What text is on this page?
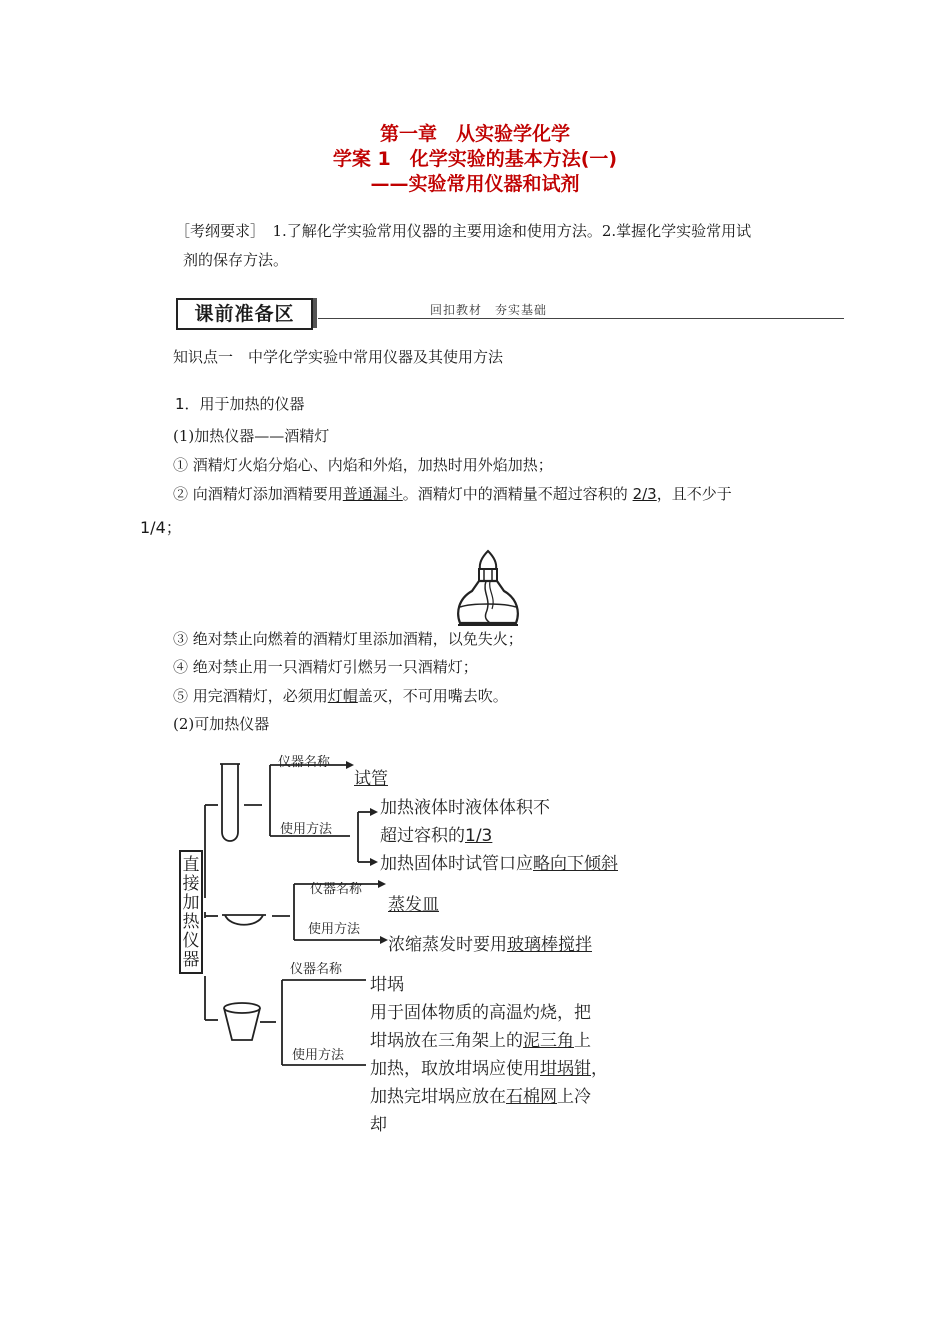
第一章　从实验学化学
学案 1　化学实验的基本方法(一)
——实验常用仪器和试剂
［考纲要求］　1.了解化学实验常用仪器的主要用途和使用方法。2.掌握化学实验常用试
剂的保存方法。
课前准备区	回扣教材　夯实基础
知识点一　中学化学实验中常用仪器及其使用方法
1．用于加热的仪器
(1)加热仪器——酒精灯
① 酒精灯火焰分焰心、内焰和外焰，加热时用外焰加热；
② 向酒精灯添加酒精要用普通漏斗。酒精灯中的酒精量不超过容积的 2/3，且不少于
1/4；
③ 绝对禁止向燃着的酒精灯里添加酒精，以免失火；
④ 绝对禁止用一只酒精灯引燃另一只酒精灯；
⑤ 用完酒精灯，必须用灯帽盖灭，不可用嘴去吹。
(2)可加热仪器
直接加热仪器
仪器名称
试管
使用方法
加热液体时液体体积不
超过容积的1/3
加热固体时试管口应略向下倾斜
仪器名称
蒸发皿
使用方法
浓缩蒸发时要用玻璃棒搅拌
仪器名称
坩埚
使用方法
用于固体物质的高温灼烧，把
坩埚放在三角架上的泥三角上
加热，取放坩埚应使用坩埚钳，
加热完坩埚应放在石棉网上冷
却
